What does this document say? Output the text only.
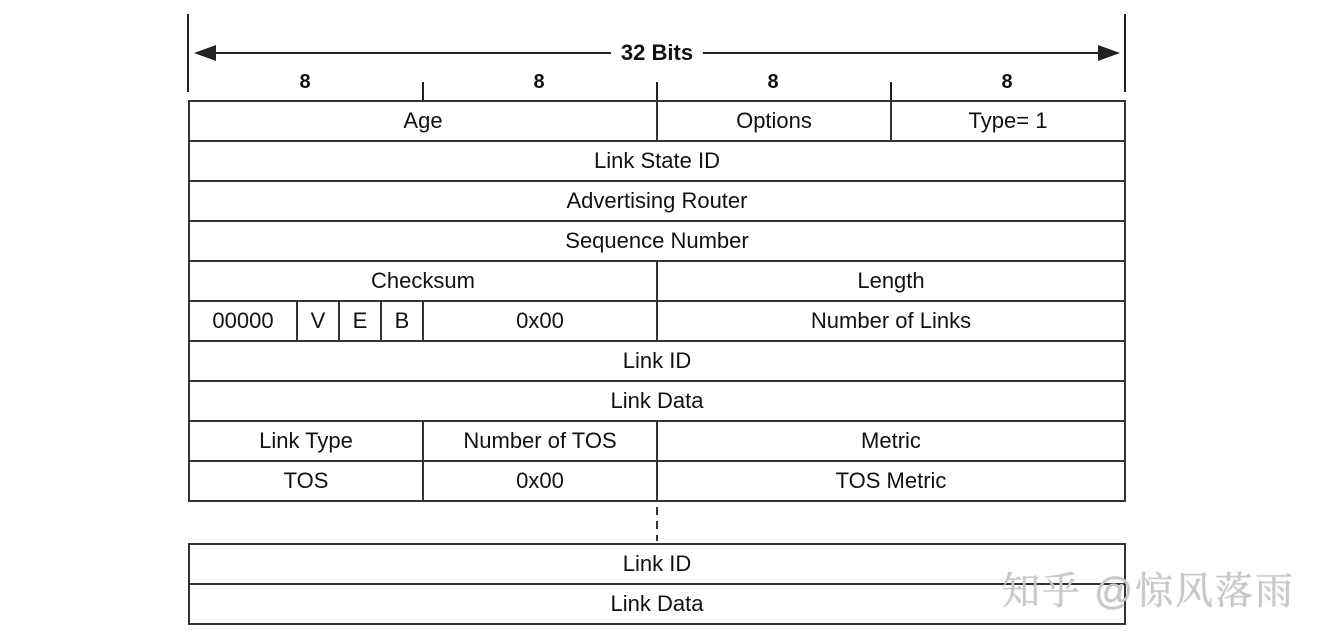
32 Bits
8	8	8	8
Age	Options	Type= 1
Link State ID
Advertising Router
Sequence Number
Checksum	Length
00000	V	E	B	0x00	Number of Links
Link ID
Link Data
Link Type	Number of TOS	Metric
TOS	0x00	TOS Metric
Link ID
Link Data	知乎 @惊风落雨
